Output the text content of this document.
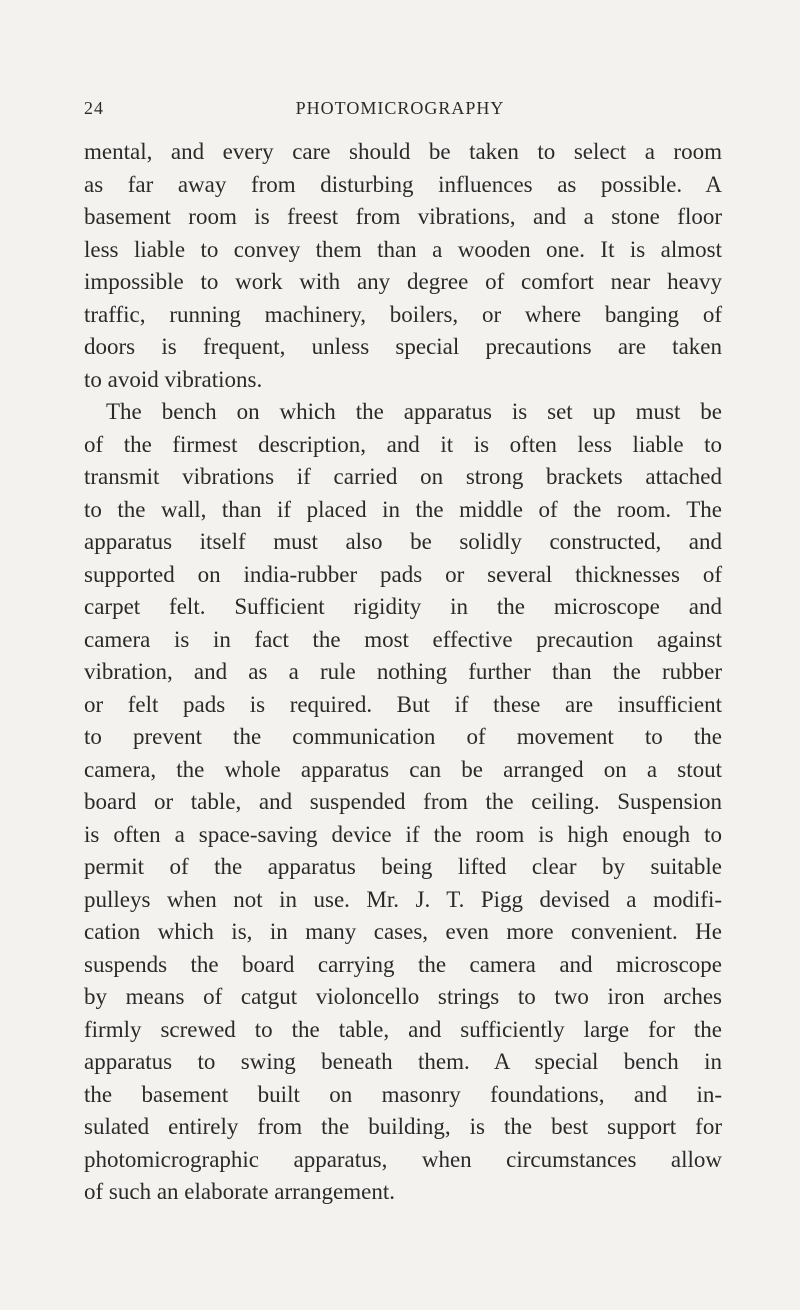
24	PHOTOMICROGRAPHY
mental, and every care should be taken to select a room
as far away from disturbing influences as possible. A
basement room is freest from vibrations, and a stone floor
less liable to convey them than a wooden one. It is almost
impossible to work with any degree of comfort near heavy
traffic, running machinery, boilers, or where banging of
doors is frequent, unless special precautions are taken
to avoid vibrations.
The bench on which the apparatus is set up must be
of the firmest description, and it is often less liable to
transmit vibrations if carried on strong brackets attached
to the wall, than if placed in the middle of the room. The
apparatus itself must also be solidly constructed, and
supported on india-rubber pads or several thicknesses of
carpet felt. Sufficient rigidity in the microscope and
camera is in fact the most effective precaution against
vibration, and as a rule nothing further than the rubber
or felt pads is required. But if these are insufficient
to prevent the communication of movement to the
camera, the whole apparatus can be arranged on a stout
board or table, and suspended from the ceiling. Suspension
is often a space-saving device if the room is high enough to
permit of the apparatus being lifted clear by suitable
pulleys when not in use. Mr. J. T. Pigg devised a modifi-
cation which is, in many cases, even more convenient. He
suspends the board carrying the camera and microscope
by means of catgut violoncello strings to two iron arches
firmly screwed to the table, and sufficiently large for the
apparatus to swing beneath them. A special bench in
the basement built on masonry foundations, and in-
sulated entirely from the building, is the best support for
photomicrographic apparatus, when circumstances allow
of such an elaborate arrangement.
